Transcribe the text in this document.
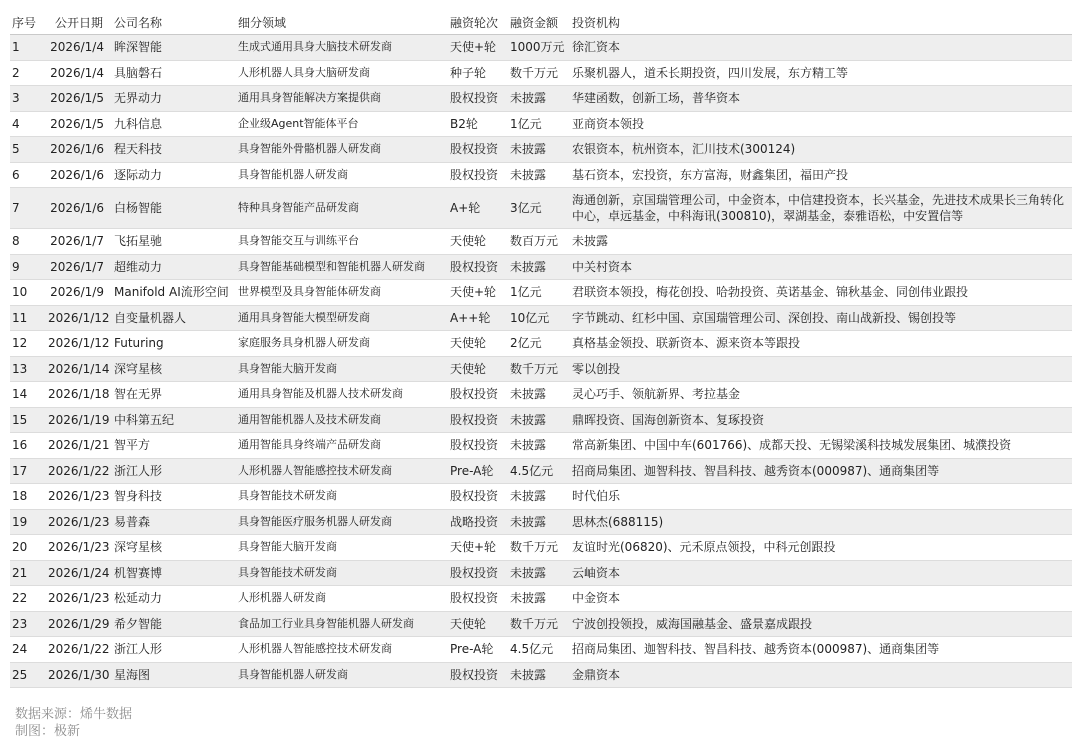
序号	公开日期	公司名称	细分领域	融资轮次	融资金额	投资机构
1	2026/1/4	眸深智能	生成式通用具身大脑技术研发商	天使+轮	1000万元	徐汇资本
2	2026/1/4	具脑磐石	人形机器人具身大脑研发商	种子轮	数千万元	乐聚机器人，道禾长期投资，四川发展，东方精工等
3	2026/1/5	无界动力	通用具身智能解决方案提供商	股权投资	未披露	华建函数，创新工场，普华资本
4	2026/1/5	九科信息	企业级Agent智能体平台	B2轮	1亿元	亚商资本领投
5	2026/1/6	程天科技	具身智能外骨骼机器人研发商	股权投资	未披露	农银资本，杭州资本，汇川技术(300124)
6	2026/1/6	逐际动力	具身智能机器人研发商	股权投资	未披露	基石资本，宏投资，东方富海，财鑫集团，福田产投
7	2026/1/6	白杨智能	特种具身智能产品研发商	A+轮	3亿元	海通创新，京国瑞管理公司，中金资本，中信建投资本，长兴基金，先进技术成果长三角转化中心，卓远基金，中科海讯(300810)，翠湖基金，泰雅语松，中安置信等
8	2026/1/7	飞拓星驰	具身智能交互与训练平台	天使轮	数百万元	未披露
9	2026/1/7	超维动力	具身智能基础模型和智能机器人研发商	股权投资	未披露	中关村资本
10	2026/1/9	Manifold AI流形空间	世界模型及具身智能体研发商	天使+轮	1亿元	君联资本领投，梅花创投、哈勃投资、英诺基金、锦秋基金、同创伟业跟投
11	2026/1/12	自变量机器人	通用具身智能大模型研发商	A++轮	10亿元	字节跳动、红杉中国、京国瑞管理公司、深创投、南山战新投、锡创投等
12	2026/1/12	Futuring	家庭服务具身机器人研发商	天使轮	2亿元	真格基金领投、联新资本、源来资本等跟投
13	2026/1/14	深穹星核	具身智能大脑开发商	天使轮	数千万元	零以创投
14	2026/1/18	智在无界	通用具身智能及机器人技术研发商	股权投资	未披露	灵心巧手、领航新界、考拉基金
15	2026/1/19	中科第五纪	通用智能机器人及技术研发商	股权投资	未披露	鼎晖投资、国海创新资本、复琢投资
16	2026/1/21	智平方	通用智能具身终端产品研发商	股权投资	未披露	常高新集团、中国中车(601766)、成都天投、无锡梁溪科技城发展集团、城濮投资
17	2026/1/22	浙江人形	人形机器人智能感控技术研发商	Pre-A轮	4.5亿元	招商局集团、迦智科技、智昌科技、越秀资本(000987)、通商集团等
18	2026/1/23	智身科技	具身智能技术研发商	股权投资	未披露	时代伯乐
19	2026/1/23	易普森	具身智能医疗服务机器人研发商	战略投资	未披露	思林杰(688115)
20	2026/1/23	深穹星核	具身智能大脑开发商	天使+轮	数千万元	友谊时光(06820)、元禾原点领投，中科元创跟投
21	2026/1/24	机智赛博	具身智能技术研发商	股权投资	未披露	云岫资本
22	2026/1/23	松延动力	人形机器人研发商	股权投资	未披露	中金资本
23	2026/1/29	希夕智能	食品加工行业具身智能机器人研发商	天使轮	数千万元	宁波创投领投，威海国融基金、盛景嘉成跟投
24	2026/1/22	浙江人形	人形机器人智能感控技术研发商	Pre-A轮	4.5亿元	招商局集团、迦智科技、智昌科技、越秀资本(000987)、通商集团等
25	2026/1/30	星海图	具身智能机器人研发商	股权投资	未披露	金鼎资本
数据来源：烯牛数据
制图：极新
